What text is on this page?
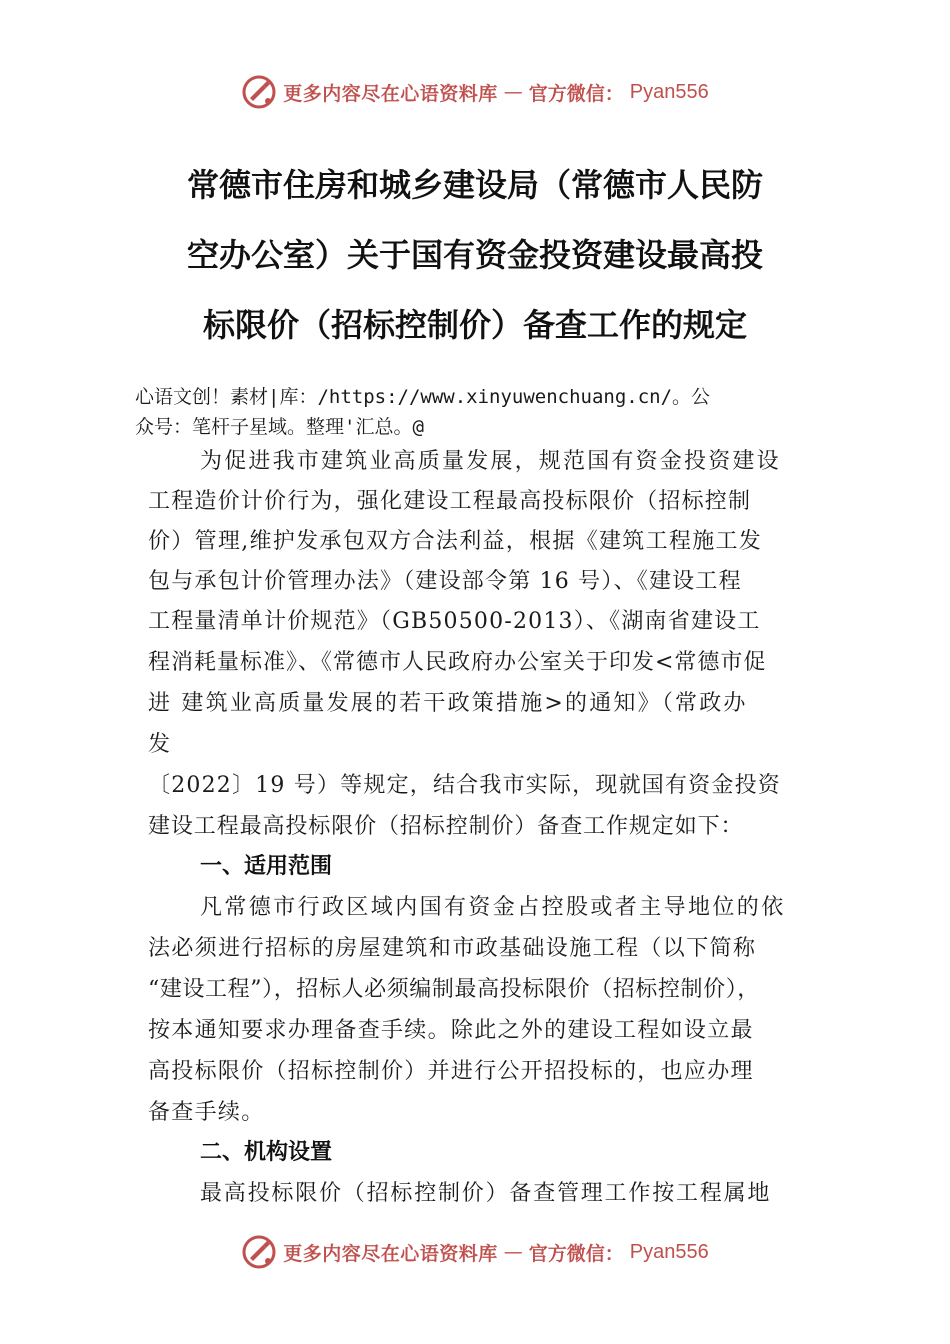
更多内容尽在心语资料库 — 官方微信： Pyan556
常德市住房和城乡建设局（常德市人民防
空办公室）关于国有资金投资建设最高投
标限价（招标控制价）备查工作的规定
心语文创！素材|库：/https://www.xinyuwenchuang.cn/。公
众号：笔杆子星域。整理'汇总。@
为促进我市建筑业高质量发展，规范国有资金投资建设
工程造价计价行为，强化建设工程最高投标限价（招标控制
价）管理,维护发承包双方合法利益，根据《建筑工程施工发
包与承包计价管理办法》（建设部令第 16 号）、《建设工程
工程量清单计价规范》（GB50500-2013）、《湖南省建设工
程消耗量标准》、《常德市人民政府办公室关于印发<常德市促
进 建筑业高质量发展的若干政策措施>的通知》（常政办
发
〔2022〕19 号）等规定，结合我市实际，现就国有资金投资
建设工程最高投标限价（招标控制价）备查工作规定如下：
一、适用范围
凡常德市行政区域内国有资金占控股或者主导地位的依
法必须进行招标的房屋建筑和市政基础设施工程（以下简称
“建设工程”），招标人必须编制最高投标限价（招标控制价），
按本通知要求办理备查手续。除此之外的建设工程如设立最
高投标限价（招标控制价）并进行公开招投标的，也应办理
备查手续。
二、机构设置
最高投标限价（招标控制价）备查管理工作按工程属地
更多内容尽在心语资料库 — 官方微信： Pyan556
